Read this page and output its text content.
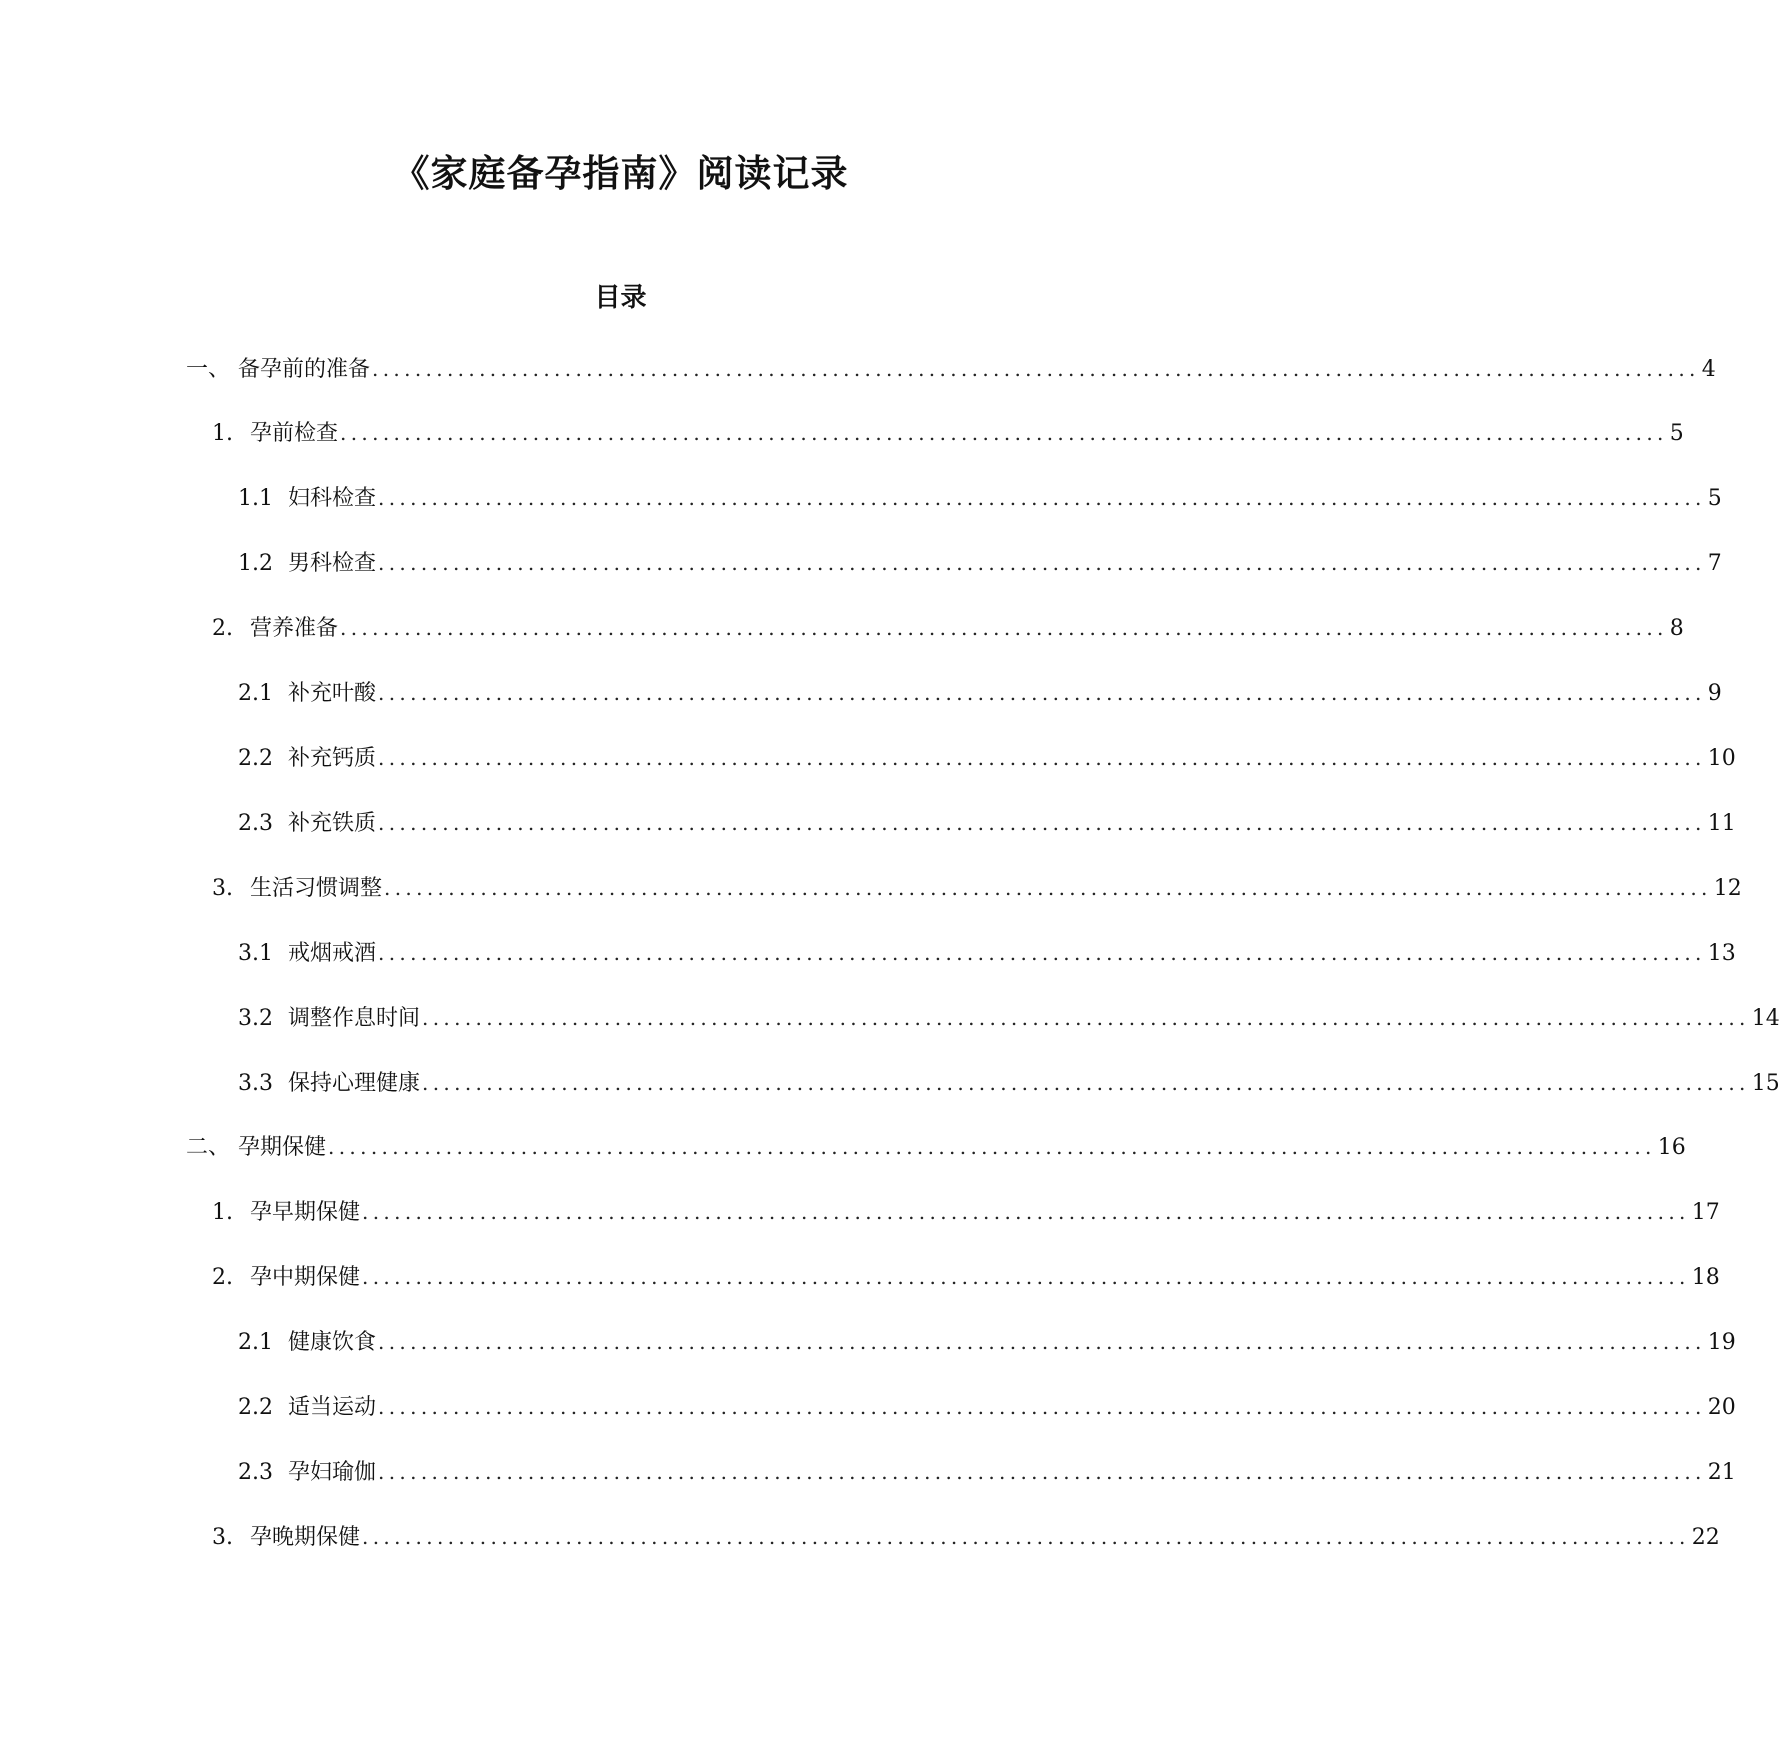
《家庭备孕指南》阅读记录
目录
一、 备孕前的准备 ............................................................................................................................ 4
1. 孕前检查 ............................................................................................................................ 5
1.1 妇科检查 ............................................................................................................................ 5
1.2 男科检查 ............................................................................................................................ 7
2. 营养准备 ............................................................................................................................ 8
2.1 补充叶酸 ............................................................................................................................ 9
2.2 补充钙质 ............................................................................................................................ 10
2.3 补充铁质 ............................................................................................................................ 11
3. 生活习惯调整 ............................................................................................................................ 12
3.1 戒烟戒酒 ............................................................................................................................ 13
3.2 调整作息时间 ............................................................................................................................ 14
3.3 保持心理健康 ............................................................................................................................ 15
二、 孕期保健 ............................................................................................................................ 16
1. 孕早期保健 ............................................................................................................................ 17
2. 孕中期保健 ............................................................................................................................ 18
2.1 健康饮食 ............................................................................................................................ 19
2.2 适当运动 ............................................................................................................................ 20
2.3 孕妇瑜伽 ............................................................................................................................ 21
3. 孕晚期保健 ............................................................................................................................ 22
